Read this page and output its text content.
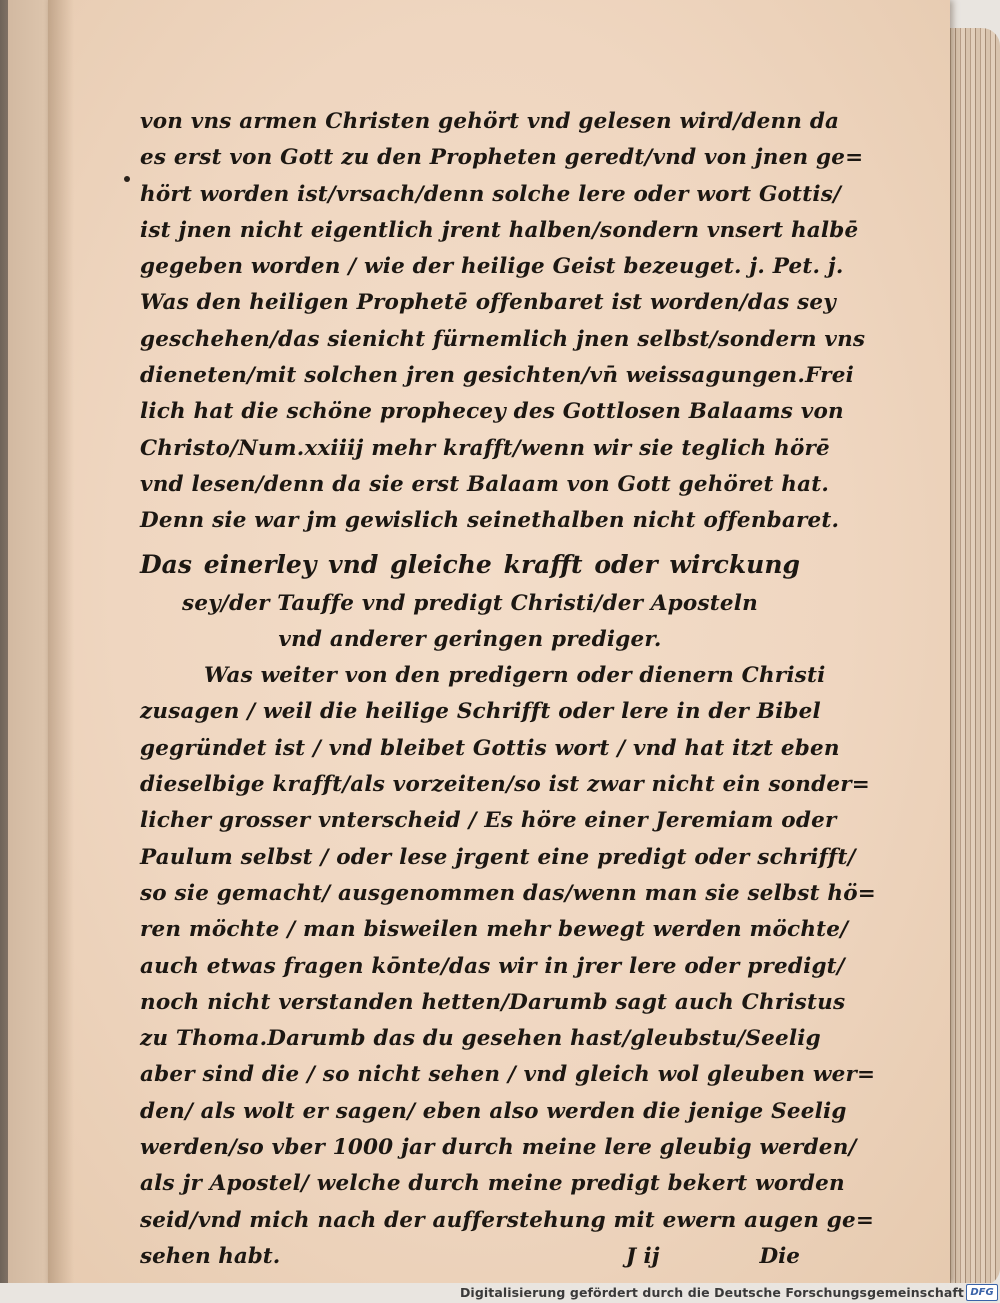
von vns armen Christen gehört vnd gelesen wird/denn da
es erst von Gott zu den Propheten geredt/vnd von jnen ge=
hört worden ist/vrsach/denn solche lere oder wort Gottis/
ist jnen nicht eigentlich jrent halben/sondern vnsert halbē
gegeben worden / wie der heilige Geist bezeuget. j. Pet. j.
Was den heiligen Prophetē offenbaret ist worden/das sey
geschehen/das sienicht fürnemlich jnen selbst/sondern vns
dieneten/mit solchen jren gesichten/vn̄ weissagungen.Frei
lich hat die schöne prophecey des Gottlosen Balaams von
Christo/Num.xxiiij mehr krafft/wenn wir sie teglich hörē
vnd lesen/denn da sie erst Balaam von Gott gehöret hat.
Denn sie war jm gewislich seinethalben nicht offenbaret.
Das einerley vnd gleiche krafft oder wirckung
sey/der Tauffe vnd predigt Christi/der Aposteln
vnd anderer geringen prediger.
Was weiter von den predigern oder dienern Christi
zusagen / weil die heilige Schrifft oder lere in der Bibel
gegründet ist / vnd bleibet Gottis wort / vnd hat itzt eben
dieselbige krafft/als vorzeiten/so ist zwar nicht ein sonder=
licher grosser vnterscheid / Es höre einer Jeremiam oder
Paulum selbst / oder lese jrgent eine predigt oder schrifft/
so sie gemacht/ ausgenommen das/wenn man sie selbst hö=
ren möchte / man bisweilen mehr bewegt werden möchte/
auch etwas fragen kōnte/das wir in jrer lere oder predigt/
noch nicht verstanden hetten/Darumb sagt auch Christus
zu Thoma.Darumb das du gesehen hast/gleubstu/Seelig
aber sind die / so nicht sehen / vnd gleich wol gleuben wer=
den/ als wolt er sagen/ eben also werden die jenige Seelig
werden/so vber 1000 jar durch meine lere gleubig werden/
als jr Apostel/ welche durch meine predigt bekert worden
seid/vnd mich nach der aufferstehung mit ewern augen ge=
sehen habt.	J ij	Die
Digitalisierung gefördert durch die Deutsche Forschungsgemeinschaft DFG
